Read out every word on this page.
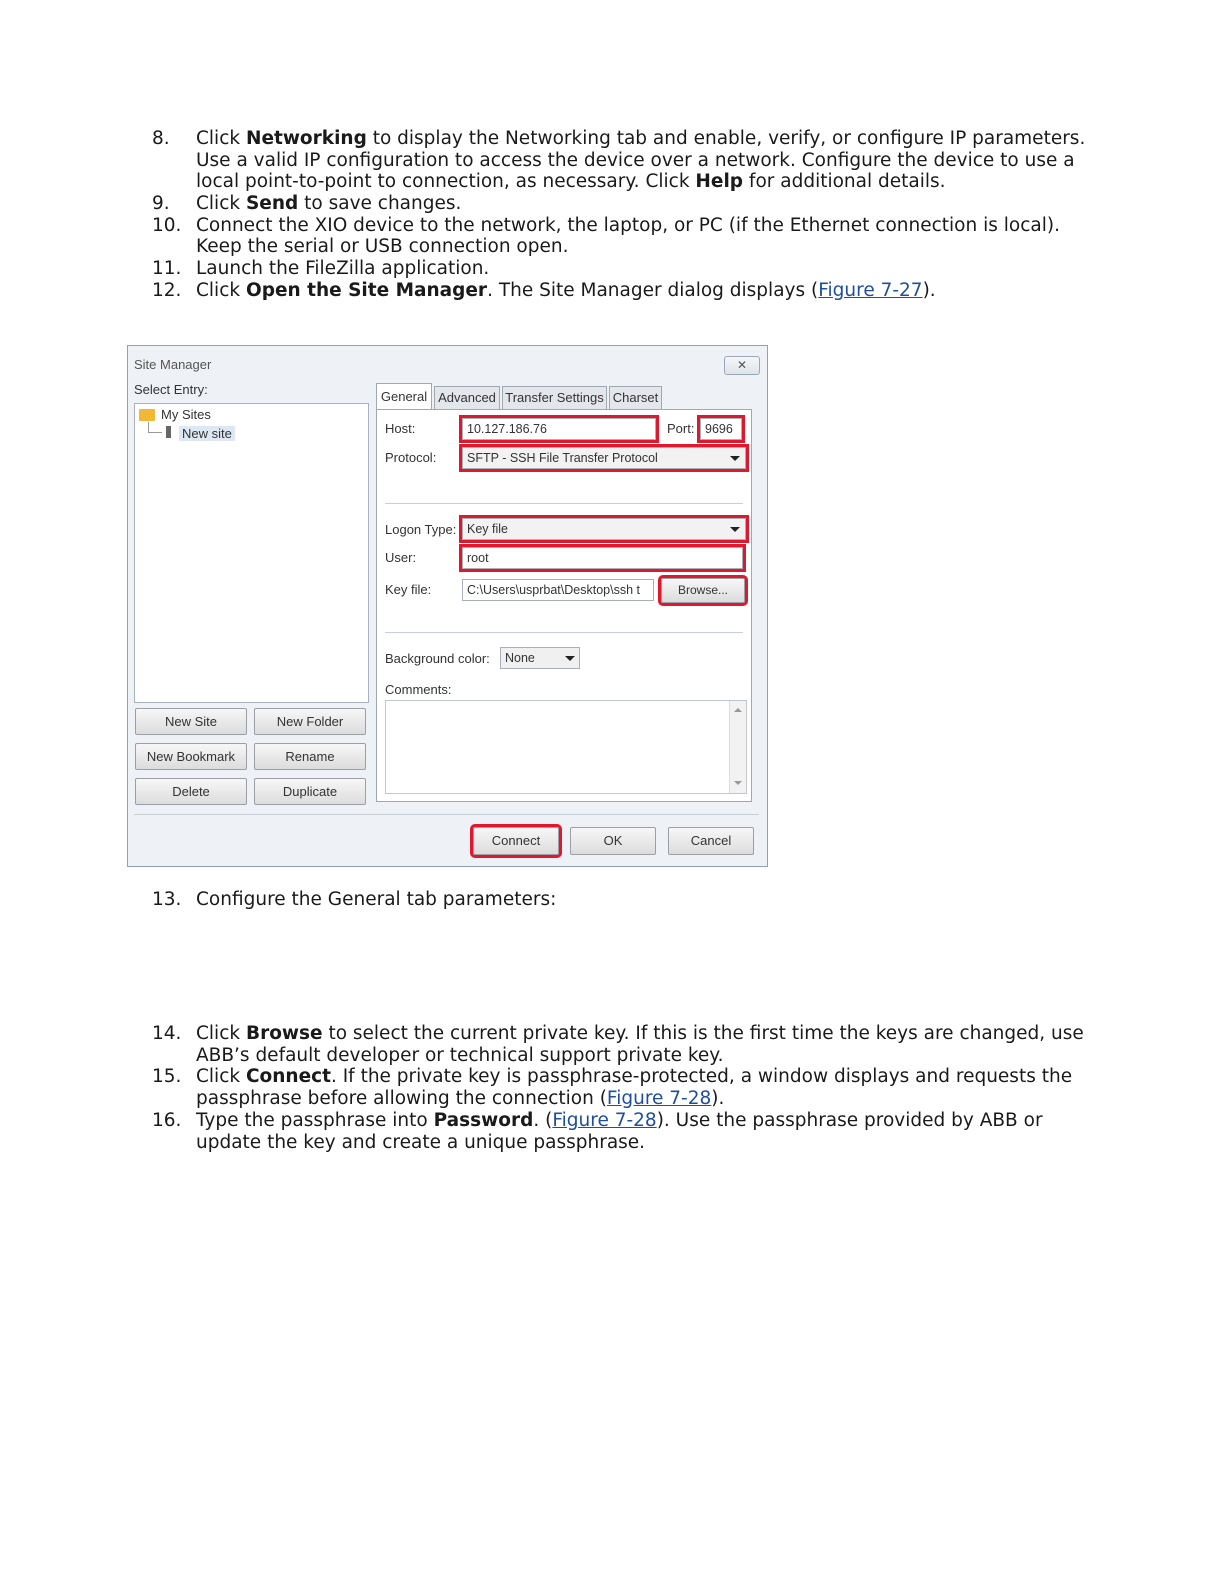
8. Click Networking to display the Networking tab and enable, verify, or configure IP parameters. Use a valid IP configuration to access the device over a network. Configure the device to use a local point-to-point to connection, as necessary. Click Help for additional details.
9. Click Send to save changes.
10. Connect the XIO device to the network, the laptop, or PC (if the Ethernet connection is local). Keep the serial or USB connection open.
11. Launch the FileZilla application.
12. Click Open the Site Manager. The Site Manager dialog displays (Figure 7-27).
Site Manager	✕
Select Entry:
My Sites
New site
New Site	New Folder
New Bookmark	Rename
Delete	Duplicate
Host:	10.127.186.76	Port: 9696
Protocol:	SFTP - SSH File Transfer Protocol
Logon Type: Key file
User:	root
Key file:	C:\Users\usprbat\Desktop\ssh t	Browse...
Background color:	None
Comments:
General Advanced Transfer Settings Charset
Connect	OK	Cancel
13. Configure the General tab parameters:
14. Click Browse to select the current private key. If this is the first time the keys are changed, use ABB’s default developer or technical support private key.
15. Click Connect. If the private key is passphrase-protected, a window displays and requests the passphrase before allowing the connection (Figure 7-28).
16. Type the passphrase into Password. (Figure 7-28). Use the passphrase provided by ABB or update the key and create a unique passphrase.
